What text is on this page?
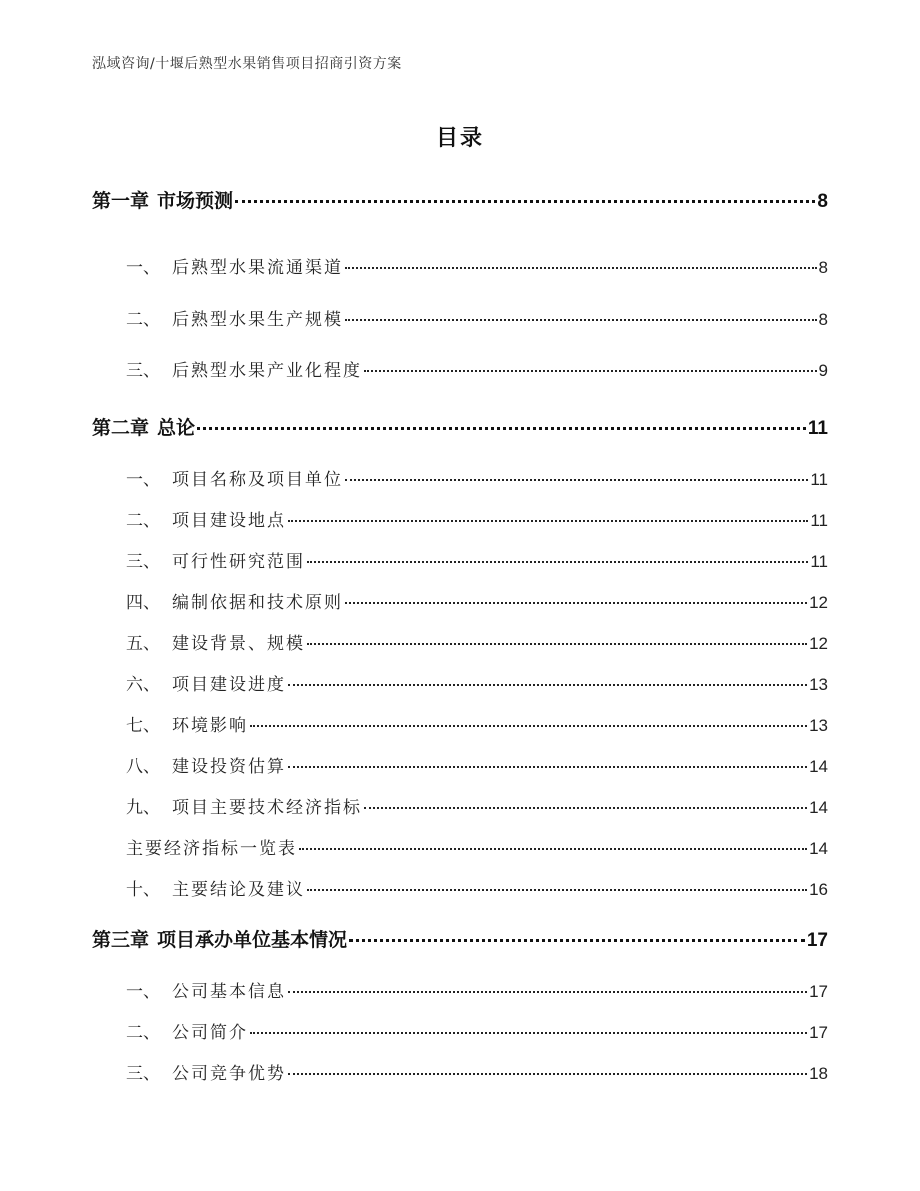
泓域咨询/十堰后熟型水果销售项目招商引资方案
目录
第一章 市场预测	8
一、 后熟型水果流通渠道	8
二、 后熟型水果生产规模	8
三、 后熟型水果产业化程度	9
第二章 总论	11
一、 项目名称及项目单位	11
二、 项目建设地点	11
三、 可行性研究范围	11
四、 编制依据和技术原则	12
五、 建设背景、规模	12
六、 项目建设进度	13
七、 环境影响	13
八、 建设投资估算	14
九、 项目主要技术经济指标	14
主要经济指标一览表	14
十、 主要结论及建议	16
第三章 项目承办单位基本情况	17
一、 公司基本信息	17
二、 公司简介	17
三、 公司竞争优势	18
